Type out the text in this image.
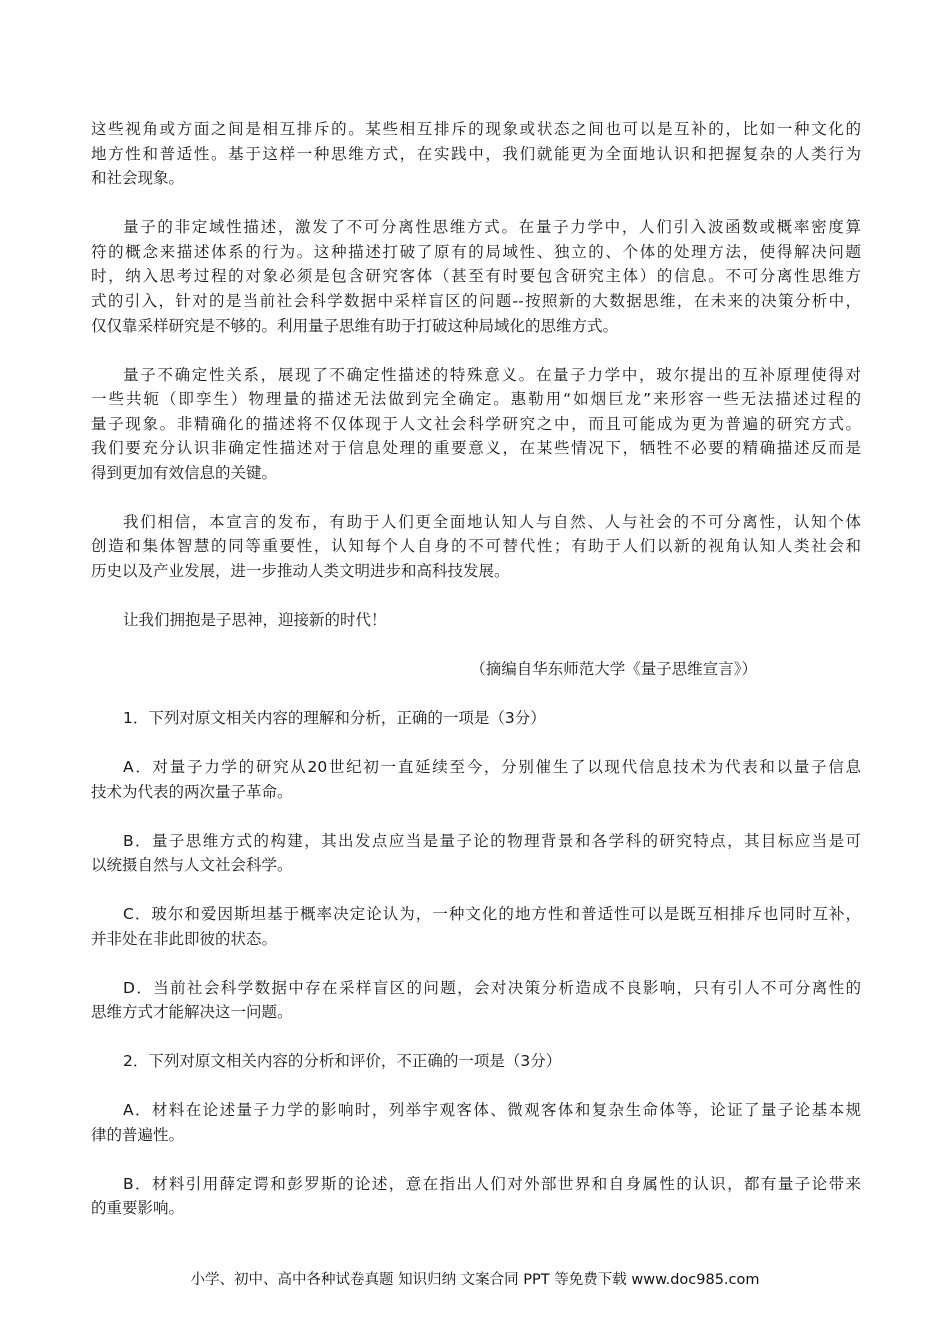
这些视角或方面之间是相互排斥的。某些相互排斥的现象或状态之间也可以是互补的，比如一种文化的
地方性和普适性。基于这样一种思维方式，在实践中，我们就能更为全面地认识和把握复杂的人类行为
和社会现象。
量子的非定域性描述，激发了不可分离性思维方式。在量子力学中，人们引入波函数或概率密度算
符的概念来描述体系的行为。这种描述打破了原有的局域性、独立的、个体的处理方法，使得解决问题
时，纳入思考过程的对象必须是包含研究客体（甚至有时要包含研究主体）的信息。不可分离性思维方
式的引入，针对的是当前社会科学数据中采样盲区的问题--按照新的大数据思维，在未来的决策分析中，
仅仅靠采样研究是不够的。利用量子思维有助于打破这种局域化的思维方式。
量子不确定性关系，展现了不确定性描述的特殊意义。在量子力学中，玻尔提出的互补原理使得对
一些共轭（即孪生）物理量的描述无法做到完全确定。惠勒用“如烟巨龙”来形容一些无法描述过程的
量子现象。非精确化的描述将不仅体现于人文社会科学研究之中，而且可能成为更为普遍的研究方式。
我们要充分认识非确定性描述对于信息处理的重要意义，在某些情况下，牺牲不必要的精确描述反而是
得到更加有效信息的关键。
我们相信，本宣言的发布，有助于人们更全面地认知人与自然、人与社会的不可分离性，认知个体
创造和集体智慧的同等重要性，认知每个人自身的不可替代性；有助于人们以新的视角认知人类社会和
历史以及产业发展，进一步推动人类文明进步和高科技发展。
让我们拥抱是子思神，迎接新的时代！
（摘编自华东师范大学《量子思维宣言》）
1．下列对原文相关内容的理解和分析，正确的一项是（3分）
A．对量子力学的研究从20世纪初一直延续至今，分别催生了以现代信息技术为代表和以量子信息
技术为代表的两次量子革命。
B．量子思维方式的构建，其出发点应当是量子论的物理背景和各学科的研究特点，其目标应当是可
以统摄自然与人文社会科学。
C．玻尔和爱因斯坦基于概率决定论认为，一种文化的地方性和普适性可以是既互相排斥也同时互补，
并非处在非此即彼的状态。
D．当前社会科学数据中存在采样盲区的问题，会对决策分析造成不良影响，只有引人不可分离性的
思维方式才能解决这一问题。
2．下列对原文相关内容的分析和评价，不正确的一项是（3分）
A．材料在论述量子力学的影响时，列举宇观客体、微观客体和复杂生命体等，论证了量子论基本规
律的普遍性。
B．材料引用薛定谔和彭罗斯的论述，意在指出人们对外部世界和自身属性的认识，都有量子论带来
的重要影响。
小学、初中、高中各种试卷真题 知识归纳 文案合同 PPT 等免费下载 www.doc985.com
